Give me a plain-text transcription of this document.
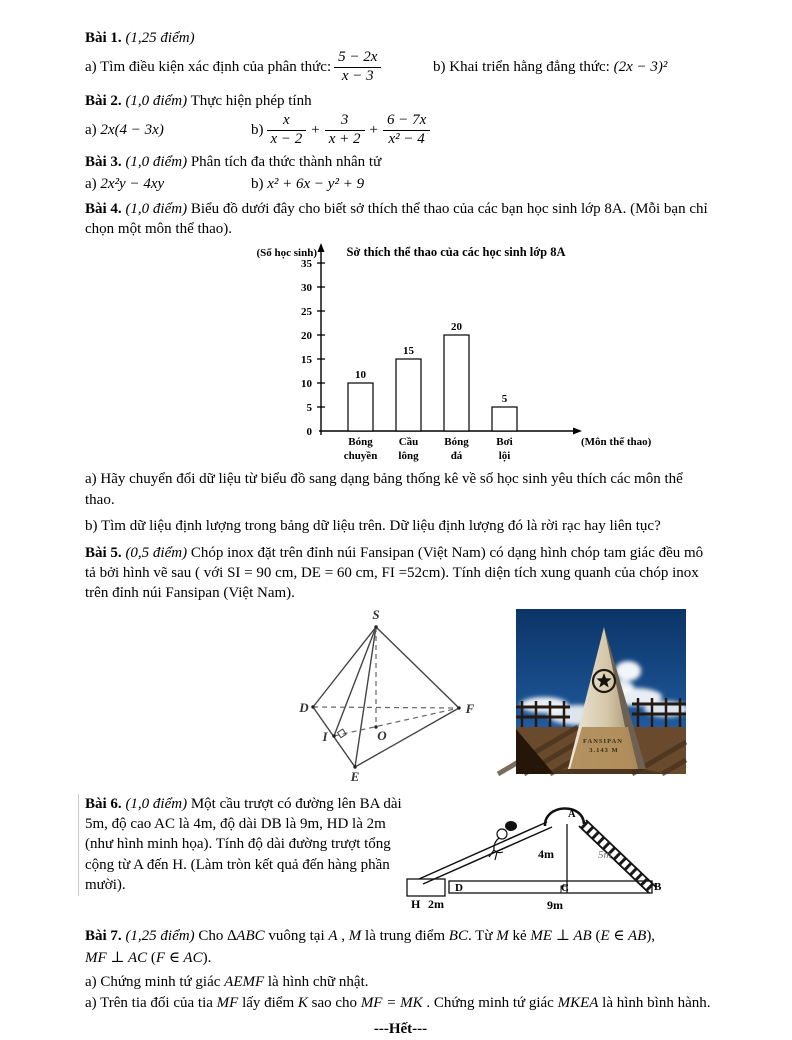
Bài 1. (1,25 điểm)

a) Tìm điều kiện xác định của phân thức: $\frac{5 - 2x}{x - 3}$	b) Khai triển hằng đẳng thức: (2x − 3)²

Bài 2. (1,0 điểm) Thực hiện phép tính

a)
2x(4 − 3x)	$b) \frac{x}{x - 2} + \frac{3}{x + 2} + \frac{6 - 7x}{\text{x² − 4}}$

Bài 3. (1,0 điểm) Phân tích đa thức thành nhân tử

a)
2x²y − 4xy	b) x² + 6x − y² + 9

Bài 4. (1,0 điểm) Biểu đồ dưới đây cho biết sở thích thể thao của các bạn học sinh lớp 8A. (Mỗi bạn chỉ chọn một môn thể thao).

0
5
10
15
20
25
30
35
10
Bóng
chuyền
15
Cầu
lông
20
Bóng
đá
5
Bơi
lội
Sở thích thể thao của các học sinh lớp 8A
(Số học sinh)
(Môn thể thao)

a) Hãy chuyển đổi dữ liệu từ biểu đồ sang dạng bảng thống kê về số học sinh yêu thích các môn thể thao.

b) Tìm dữ liệu định lượng trong bảng dữ liệu trên. Dữ liệu định lượng đó là rời rạc hay liên tục?

Bài 5. (0,5 điểm) Chóp inox đặt trên đỉnh núi Fansipan (Việt Nam) có dạng hình chóp tam giác đều mô tả bởi hình vẽ sau ( với SI = 90 cm, DE = 60 cm, FI =52cm). Tính diện tích xung quanh của chóp inox trên đỉnh núi Fansipan (Việt Nam).

S
D	F
I	O
E
FANSIPAN
3.143 M
Bài 6. (1,0 điểm) Một cầu trượt có đường lên BA dài 5m, độ cao AC là 4m, độ dài DB là 9m, HD là 2m (như hình minh họa). Tính độ dài đường trượt tổng cộng từ A đến H. (Làm tròn kết quả đến hàng phần mười).
A
4m
D	C	B
H 2m	9m
5m

Bài 7. (1,25 điểm) Cho ∆ABC vuông tại A , M là trung điểm BC. Từ M kẻ ME ⊥ AB (E ∈ AB),

MF ⊥ AC (F ∈ AC).

a) Chứng minh tứ giác AEMF là hình chữ nhật.

a) Trên tia đối của tia MF lấy điểm K sao cho MF = MK . Chứng minh tứ giác MKEA là hình bình hành.

---Hết---
